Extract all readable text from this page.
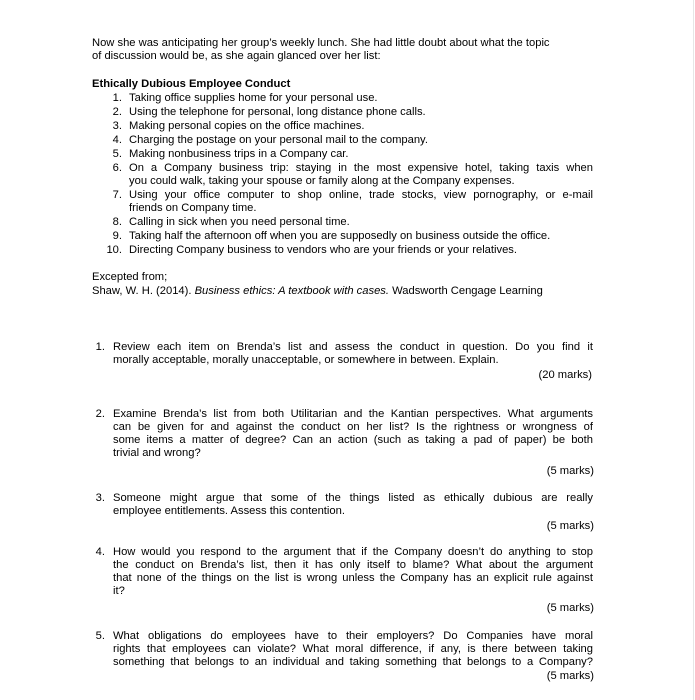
Now she was anticipating her group’s weekly lunch. She had little doubt about what the topic
of discussion would be, as she again glanced over her list:
Ethically Dubious Employee Conduct
1. Taking office supplies home for your personal use.
2. Using the telephone for personal, long distance phone calls.
3. Making personal copies on the office machines.
4. Charging the postage on your personal mail to the company.
5. Making nonbusiness trips in a Company car.
6. On a Company business trip: staying in the most expensive hotel, taking taxis when
you could walk, taking your spouse or family along at the Company expenses.
7. Using your office computer to shop online, trade stocks, view pornography, or e-mail
friends on Company time.
8. Calling in sick when you need personal time.
9. Taking half the afternoon off when you are supposedly on business outside the office.
10. Directing Company business to vendors who are your friends or your relatives.
Excepted from;
Shaw, W. H. (2014). Business ethics: A textbook with cases. Wadsworth Cengage Learning
1. Review each item on Brenda’s list and assess the conduct in question. Do you find it
morally acceptable, morally unacceptable, or somewhere in between. Explain.
(20 marks)
2. Examine Brenda’s list from both Utilitarian and the Kantian perspectives. What arguments
can be given for and against the conduct on her list? Is the rightness or wrongness of
some items a matter of degree? Can an action (such as taking a pad of paper) be both
trivial and wrong?
(5 marks)
3. Someone might argue that some of the things listed as ethically dubious are really
employee entitlements. Assess this contention.
(5 marks)
4. How would you respond to the argument that if the Company doesn’t do anything to stop
the conduct on Brenda’s list, then it has only itself to blame? What about the argument
that none of the things on the list is wrong unless the Company has an explicit rule against
it?
(5 marks)
5. What obligations do employees have to their employers? Do Companies have moral
rights that employees can violate? What moral difference, if any, is there between taking
something that belongs to an individual and taking something that belongs to a Company?
(5 marks)
